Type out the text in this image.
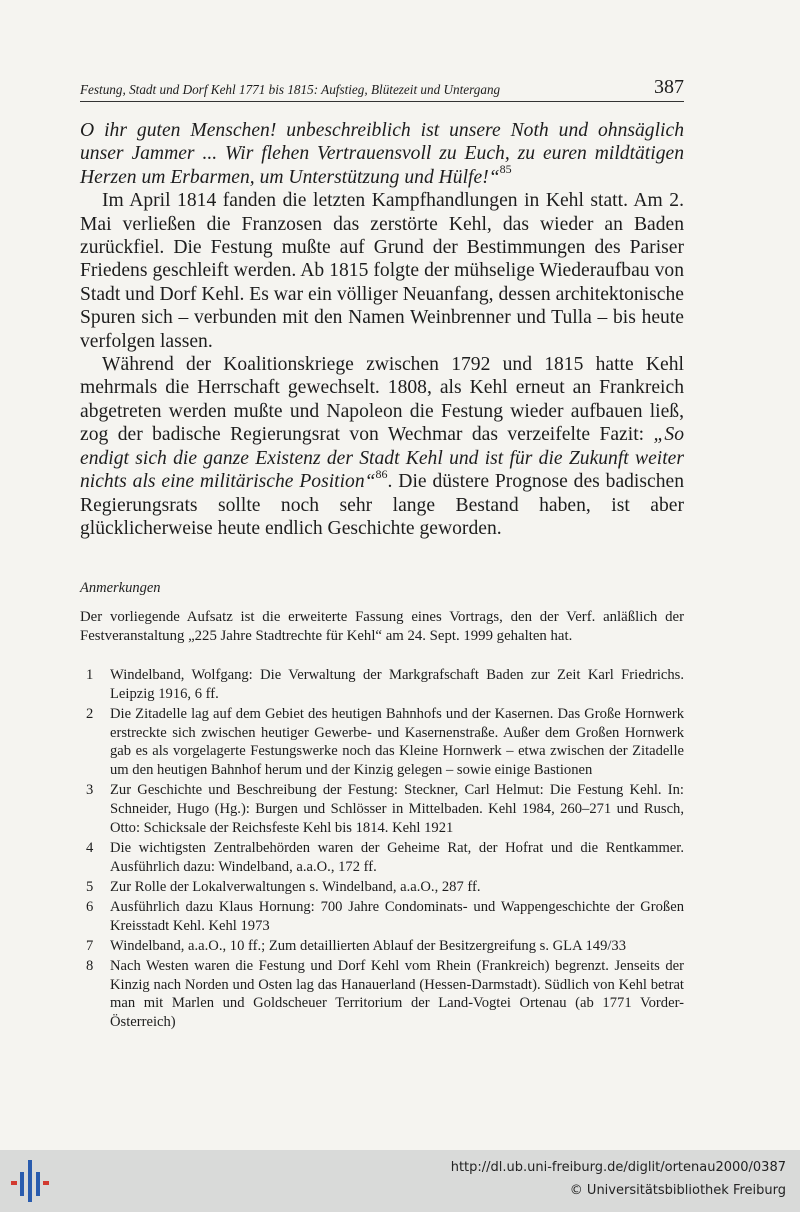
Festung, Stadt und Dorf Kehl 1771 bis 1815: Aufstieg, Blütezeit und Untergang	387

O ihr guten Menschen! unbeschreiblich ist unsere Noth und ohnsäglich unser Jammer ... Wir flehen Vertrauensvoll zu Euch, zu euren mildtätigen Herzen um Erbarmen, um Unterstützung und Hülfe!“$^{85}$

Im April 1814 fanden die letzten Kampfhandlungen in Kehl statt. Am 2. Mai verließen die Franzosen das zerstörte Kehl, das wieder an Baden zurückfiel. Die Festung mußte auf Grund der Bestimmungen des Pariser Friedens geschleift werden. Ab 1815 folgte der mühselige Wiederaufbau von Stadt und Dorf Kehl. Es war ein völliger Neuanfang, dessen architektonische Spuren sich – verbunden mit den Namen Weinbrenner und Tulla – bis heute verfolgen lassen.

Während der Koalitionskriege zwischen 1792 und 1815 hatte Kehl mehrmals die Herrschaft gewechselt. 1808, als Kehl erneut an Frankreich abgetreten werden mußte und Napoleon die Festung wieder aufbauen ließ, zog der badische Regierungsrat von Wechmar das verzeifelte Fazit: „So endigt sich die ganze Existenz der Stadt Kehl und ist für die Zukunft weiter nichts als eine militärische Position“$^{86}$. Die düstere Prognose des badischen Regierungsrats sollte noch sehr lange Bestand haben, ist aber glücklicherweise heute endlich Geschichte geworden.

Anmerkungen

Der vorliegende Aufsatz ist die erweiterte Fassung eines Vortrags, den der Verf. anläßlich der Festveranstaltung „225 Jahre Stadtrechte für Kehl“ am 24. Sept. 1999 gehalten hat.

1 Windelband, Wolfgang: Die Verwaltung der Markgrafschaft Baden zur Zeit Karl Friedrichs. Leipzig 1916, 6 ff.
2 Die Zitadelle lag auf dem Gebiet des heutigen Bahnhofs und der Kasernen. Das Große Hornwerk erstreckte sich zwischen heutiger Gewerbe- und Kasernenstraße. Außer dem Großen Hornwerk gab es als vorgelagerte Festungswerke noch das Kleine Hornwerk – etwa zwischen der Zitadelle um den heutigen Bahnhof herum und der Kinzig gelegen – sowie einige Bastionen
3 Zur Geschichte und Beschreibung der Festung: Steckner, Carl Helmut: Die Festung Kehl. In: Schneider, Hugo (Hg.): Burgen und Schlösser in Mittelbaden. Kehl 1984, 260–271 und Rusch, Otto: Schicksale der Reichsfeste Kehl bis 1814. Kehl 1921
4 Die wichtigsten Zentralbehörden waren der Geheime Rat, der Hofrat und die Rentkammer. Ausführlich dazu: Windelband, a.a.O., 172 ff.
5 Zur Rolle der Lokalverwaltungen s. Windelband, a.a.O., 287 ff.
6 Ausführlich dazu Klaus Hornung: 700 Jahre Condominats- und Wappengeschichte der Großen Kreisstadt Kehl. Kehl 1973
7 Windelband, a.a.O., 10 ff.; Zum detaillierten Ablauf der Besitzergreifung s. GLA 149/33
8 Nach Westen waren die Festung und Dorf Kehl vom Rhein (Frankreich) begrenzt. Jenseits der Kinzig nach Norden und Osten lag das Hanauerland (Hessen-Darmstadt). Südlich von Kehl betrat man mit Marlen und Goldscheuer Territorium der Land-Vogtei Ortenau (ab 1771 Vorder-Österreich)
http://dl.ub.uni-freiburg.de/diglit/ortenau2000/0387
© Universitätsbibliothek Freiburg
